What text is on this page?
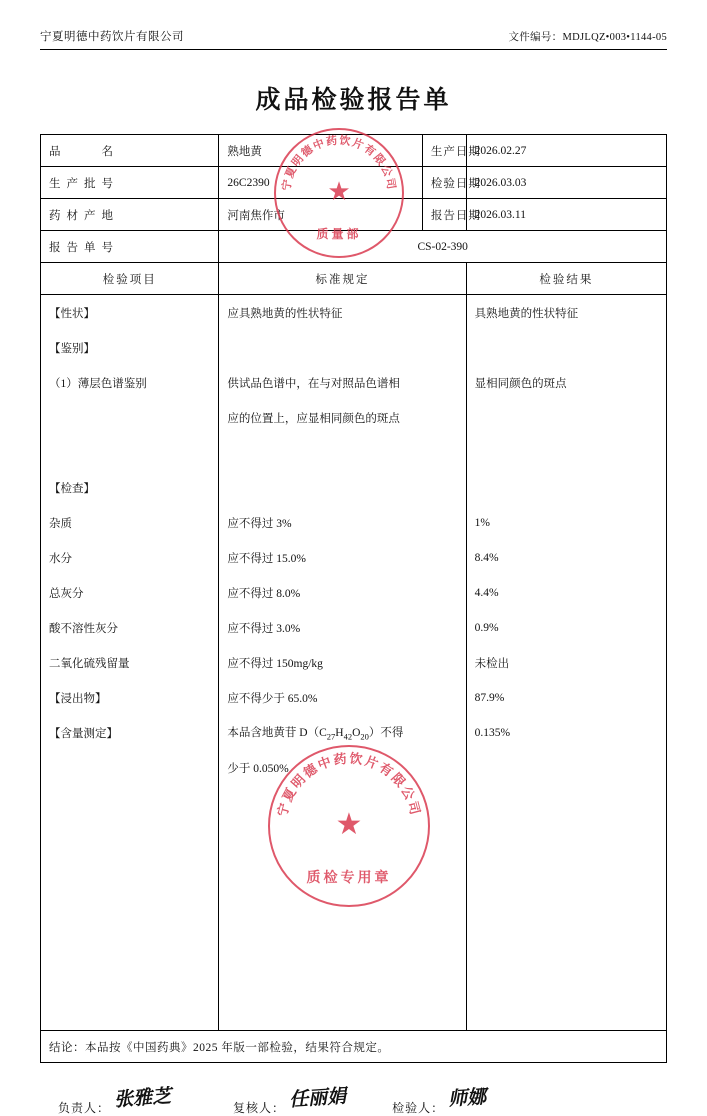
宁夏明德中药饮片有限公司	文件编号：MDJLQZ•003•1144-05
成品检验报告单
品　名	熟地黄	生产日期	2026.02.27
生产批号	26C2390	检验日期	2026.03.03
药材产地	河南焦作市	报告日期	2026.03.11
报告单号	CS-02-390		
检验项目	标准规定		检验结果
【性状】	应具熟地黄的性状特征		具熟地黄的性状特征
【鉴别】			
（1）薄层色谱鉴别	供试品色谱中，在与对照品色谱相		显相同颜色的斑点
	应的位置上，应显相同颜色的斑点		

【检查】			
杂质	应不得过 3%		1%
水分	应不得过 15.0%		8.4%
总灰分	应不得过 8.0%		4.4%
酸不溶性灰分	应不得过 3.0%		0.9%
二氧化硫残留量	应不得过 150mg/kg		未检出
【浸出物】	应不得少于 65.0%		87.9%
【含量测定】	本品含地黄苷 $D(C_{27}H_{42}O_{20})$不得		0.135%
	少于 0.050%		

结论：本品按《中国药典》2025 年版一部检验，结果符合规定。			
负责人： 张雅芝	复核人： 任丽娟	检验人： 师娜
宁夏明德中药饮片有限公司
★
质量部
宁夏明德中药饮片有限公司
★
质检专用章
